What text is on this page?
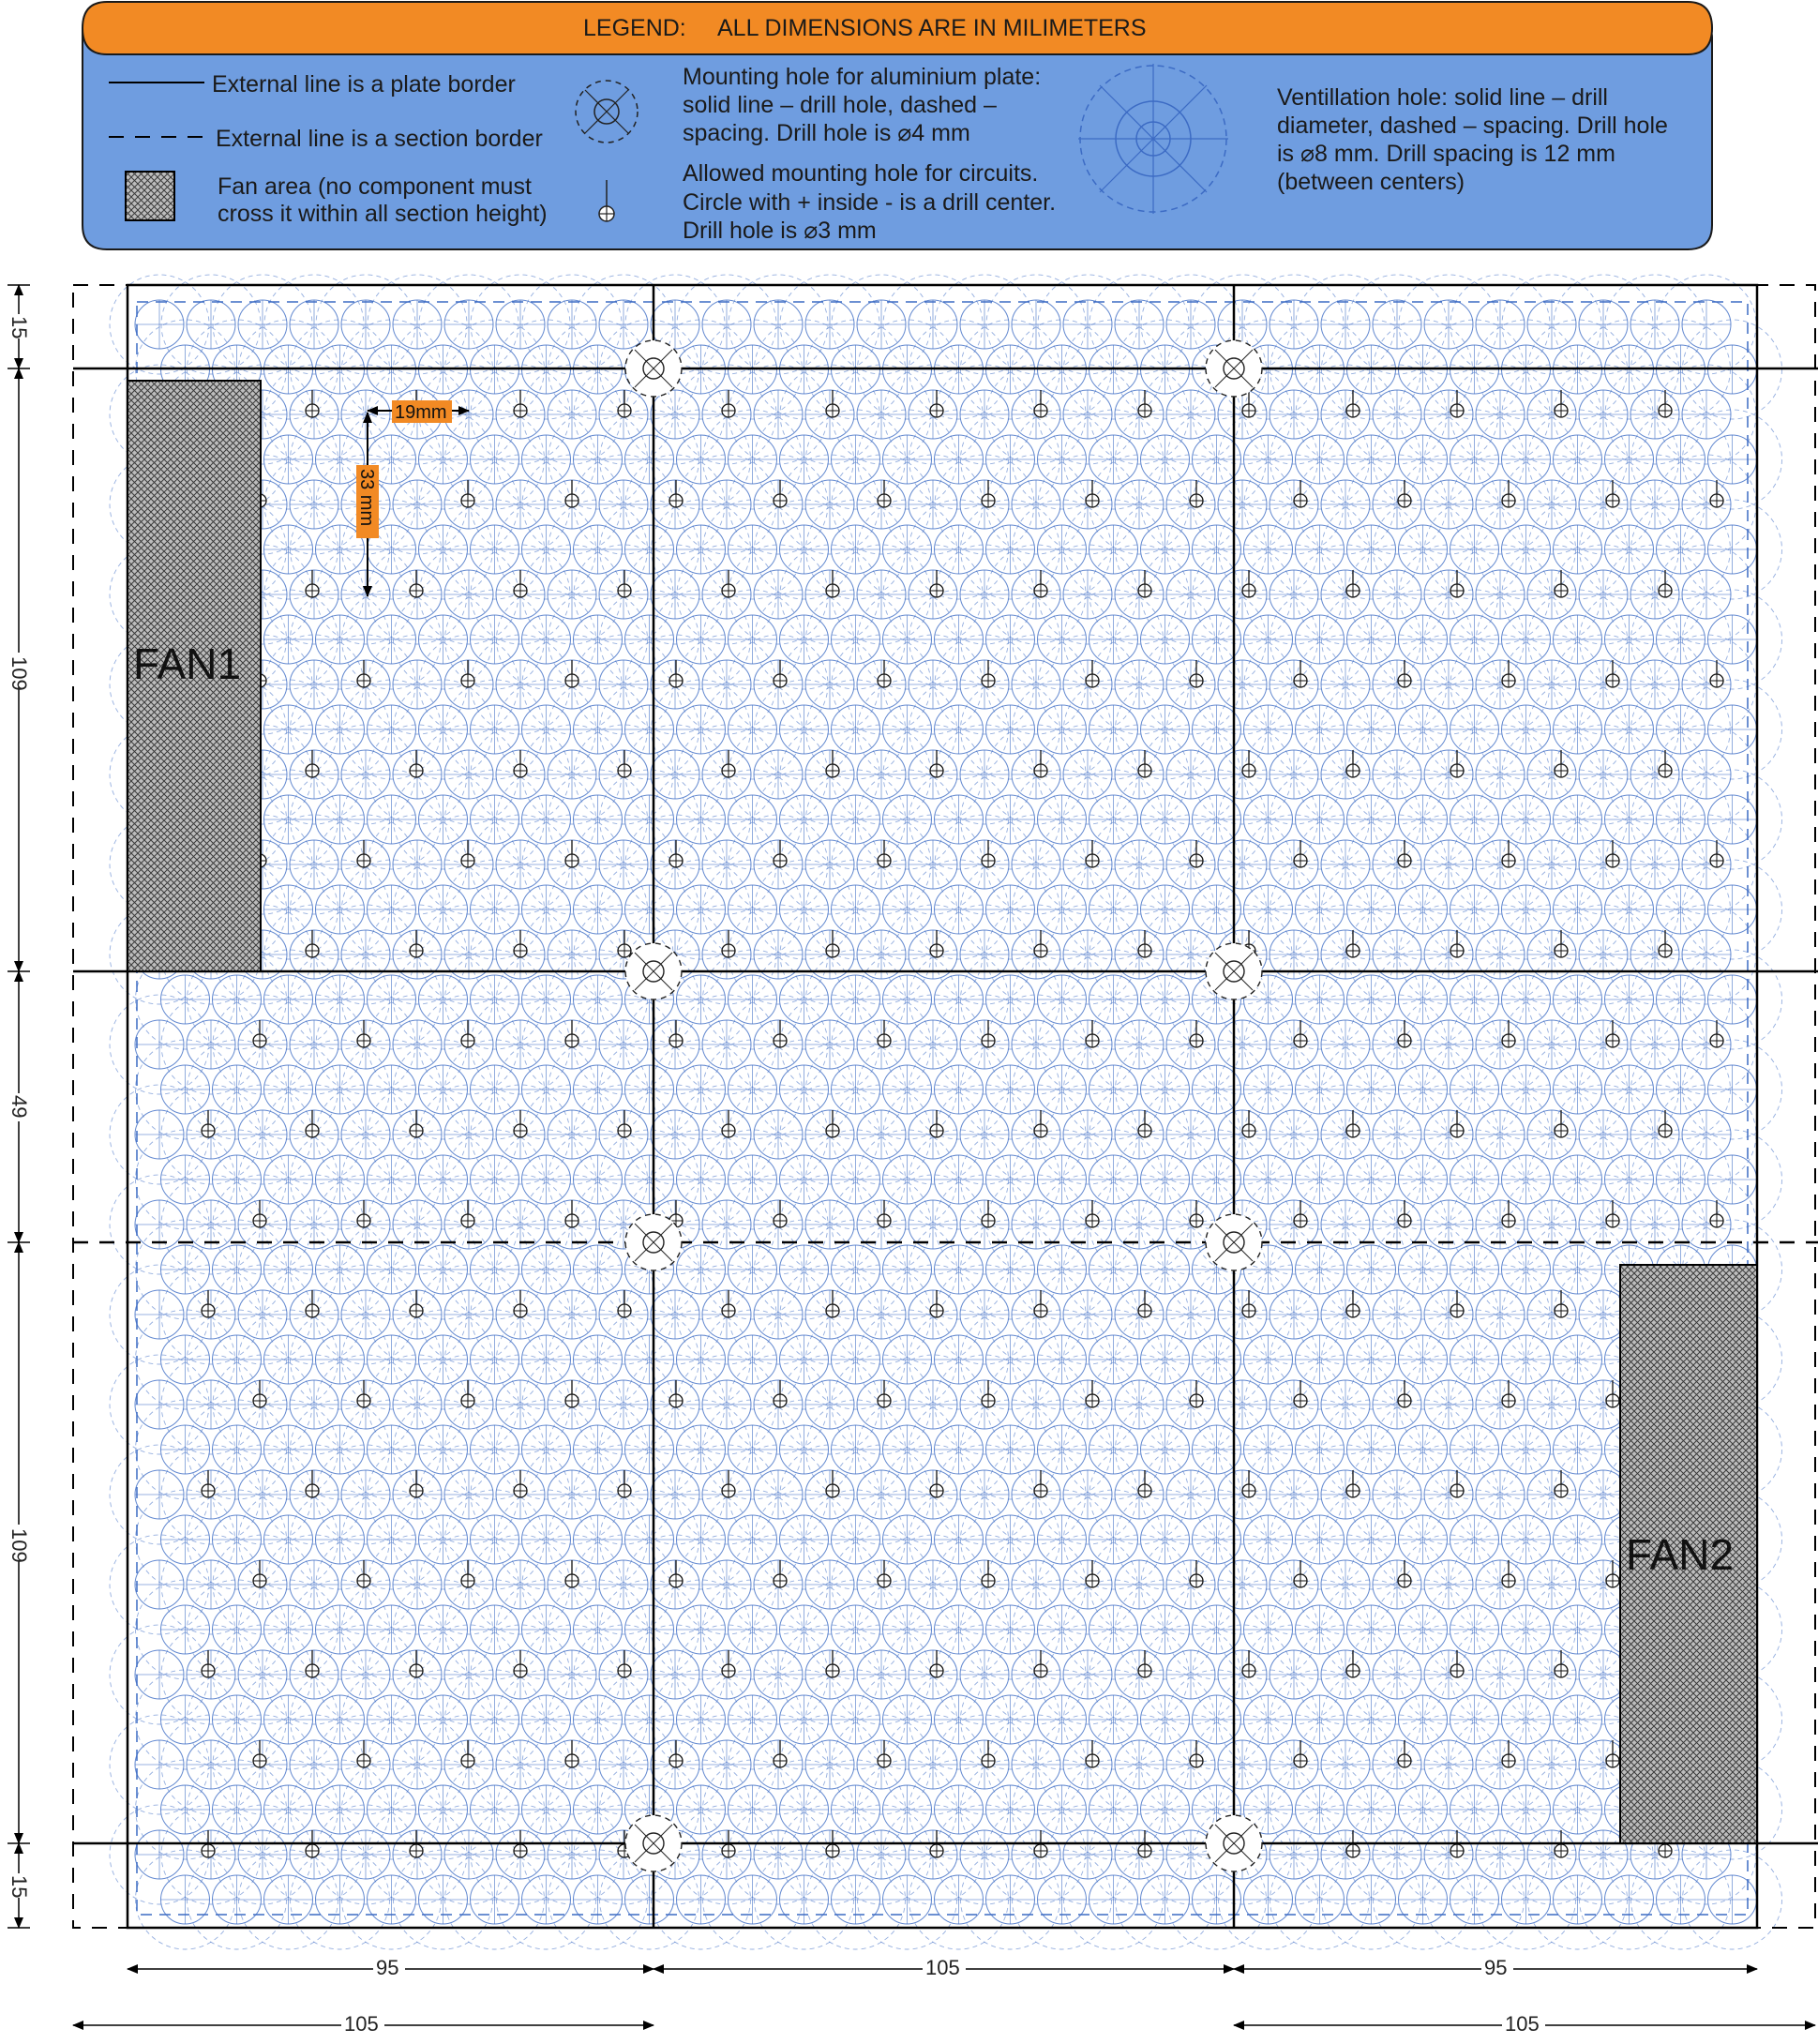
LEGEND: ALL DIMENSIONS ARE IN MILIMETERS
External line is a plate border
External line is a section border
Fan area (no component must
cross it within all section height)
Mounting hole for aluminium plate:
solid line – drill hole, dashed –
spacing. Drill hole is ⌀4 mm
Allowed mounting hole for circuits.
Circle with + inside - is a drill center.
Drill hole is ⌀3 mm
Ventillation hole: solid line – drill
diameter, dashed – spacing. Drill hole
is ⌀8 mm. Drill spacing is 12 mm
(between centers)
FAN1
FAN2
19mm
33 mm
15
109
49
109
15
95	105	95
105	105
